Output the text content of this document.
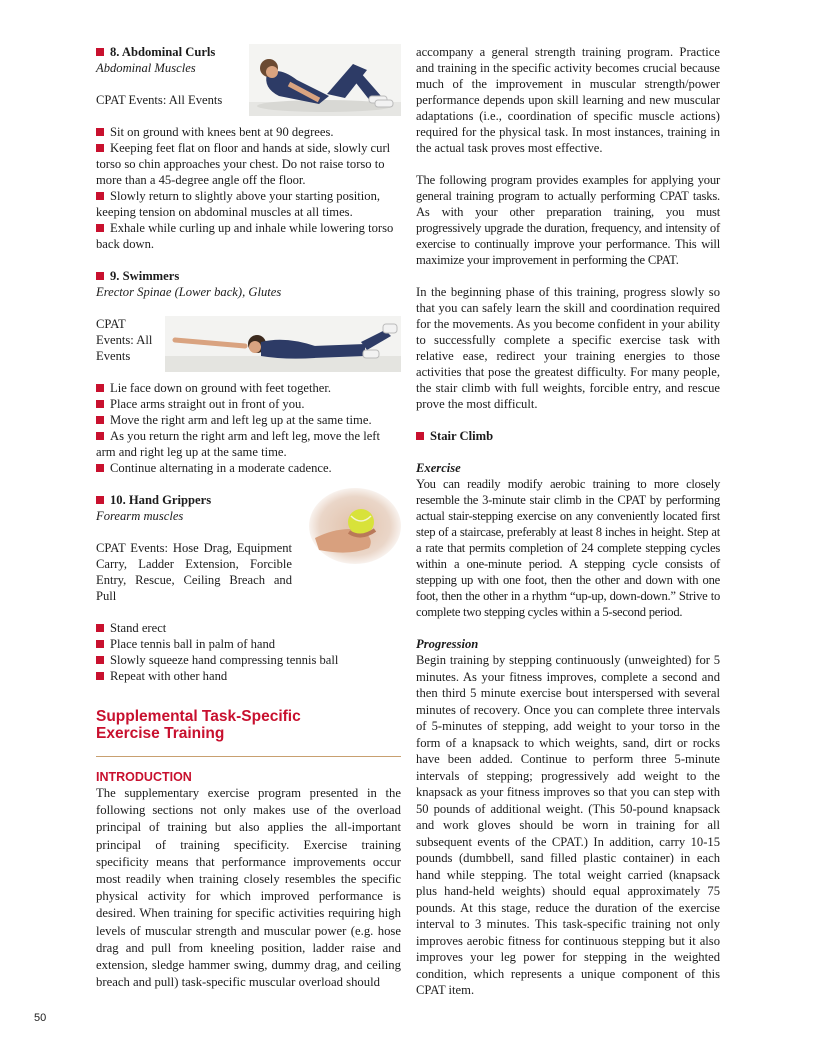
8. Abdominal Curls

Abdominal Muscles

CPAT Events: All Events

Sit on ground with knees bent at 90 degrees.

Keeping feet flat on floor and hands at side, slowly curl torso so chin approaches your chest. Do not raise torso to more than a 45-degree angle off the floor.

Slowly return to slightly above your starting position, keeping tension on abdominal muscles at all times.

Exhale while curling up and inhale while lowering torso back down.

9. Swimmers

Erector Spinae (Lower back), Glutes

CPAT Events: All Events

Lie face down on ground with feet together.

Place arms straight out in front of you.

Move the right arm and left leg up at the same time.

As you return the right arm and left leg, move the left arm and right leg up at the same time.

Continue alternating in a moderate cadence.

10. Hand Grippers

Forearm muscles

CPAT Events: Hose Drag, Equipment Carry, Ladder Extension, Forcible Entry, Rescue, Ceiling Breach and Pull

Stand erect

Place tennis ball in palm of hand

Slowly squeeze hand compressing tennis ball

Repeat with other hand

Supplemental Task-Specific
Exercise Training
INTRODUCTION

The supplementary exercise program presented in the following sections not only makes use of the overload principal of training but also applies the all-important principal of training specificity. Exercise training specificity means that performance improvements occur most readily when training closely resembles the specific physical activity for which improved performance is desired. When training for specific activities requiring high levels of muscular strength and muscular power (e.g. hose drag and pull from kneeling position, ladder raise and extension, sledge hammer swing, dummy drag, and ceiling breach and pull) task-specific muscular overload should

accompany a general strength training program. Practice and training in the specific activity becomes crucial because much of the improvement in muscular strength/power performance depends upon skill learning and new muscular adaptations (i.e., coordination of specific muscle actions) required for the physical task. In most instances, training in the actual task proves most effective.

The following program provides examples for applying your general training program to actually performing CPAT tasks. As with your other preparation training, you must progressively upgrade the duration, frequency, and intensity of exercise to continually improve your performance. This will maximize your improvement in performing the CPAT.

In the beginning phase of this training, progress slowly so that you can safely learn the skill and coordination required for the movements. As you become confident in your ability to successfully complete a specific exercise task with relative ease, redirect your training energies to those activities that pose the greatest difficulty. For many people, the stair climb with full weights, forcible entry, and rescue prove the most difficult.

Stair Climb

Exercise

You can readily modify aerobic training to more closely resemble the 3-minute stair climb in the CPAT by performing actual stair-stepping exercise on any conveniently located first step of a staircase, preferably at least 8 inches in height. Step at a rate that permits completion of 24 complete stepping cycles within a one-minute period. A stepping cycle consists of stepping up with one foot, then the other and down with one foot, then the other in a rhythm “up-up, down-down.” Strive to complete two stepping cycles within a 5-second period.

Progression

Begin training by stepping continuously (unweighted) for 5 minutes. As your fitness improves, complete a second and then third 5 minute exercise bout interspersed with several minutes of recovery. Once you can complete three intervals of 5-minutes of stepping, add weight to your torso in the form of a knapsack to which weights, sand, dirt or rocks have been added. Continue to perform three 5-minute intervals of stepping; progressively add weight to the knapsack as your fitness improves so that you can step with 50 pounds of additional weight. (This 50-pound knapsack and work gloves should be worn in training for all subsequent events of the CPAT.) In addition, carry 10-15 pounds (dumbbell, sand filled plastic container) in each hand while stepping. The total weight carried (knapsack plus hand-held weights) should equal approximately 75 pounds. At this stage, reduce the duration of the exercise interval to 3 minutes. This task-specific training not only improves aerobic fitness for continuous stepping but it also improves your leg power for stepping in the weighted condition, which represents a unique component of this CPAT item.

50
